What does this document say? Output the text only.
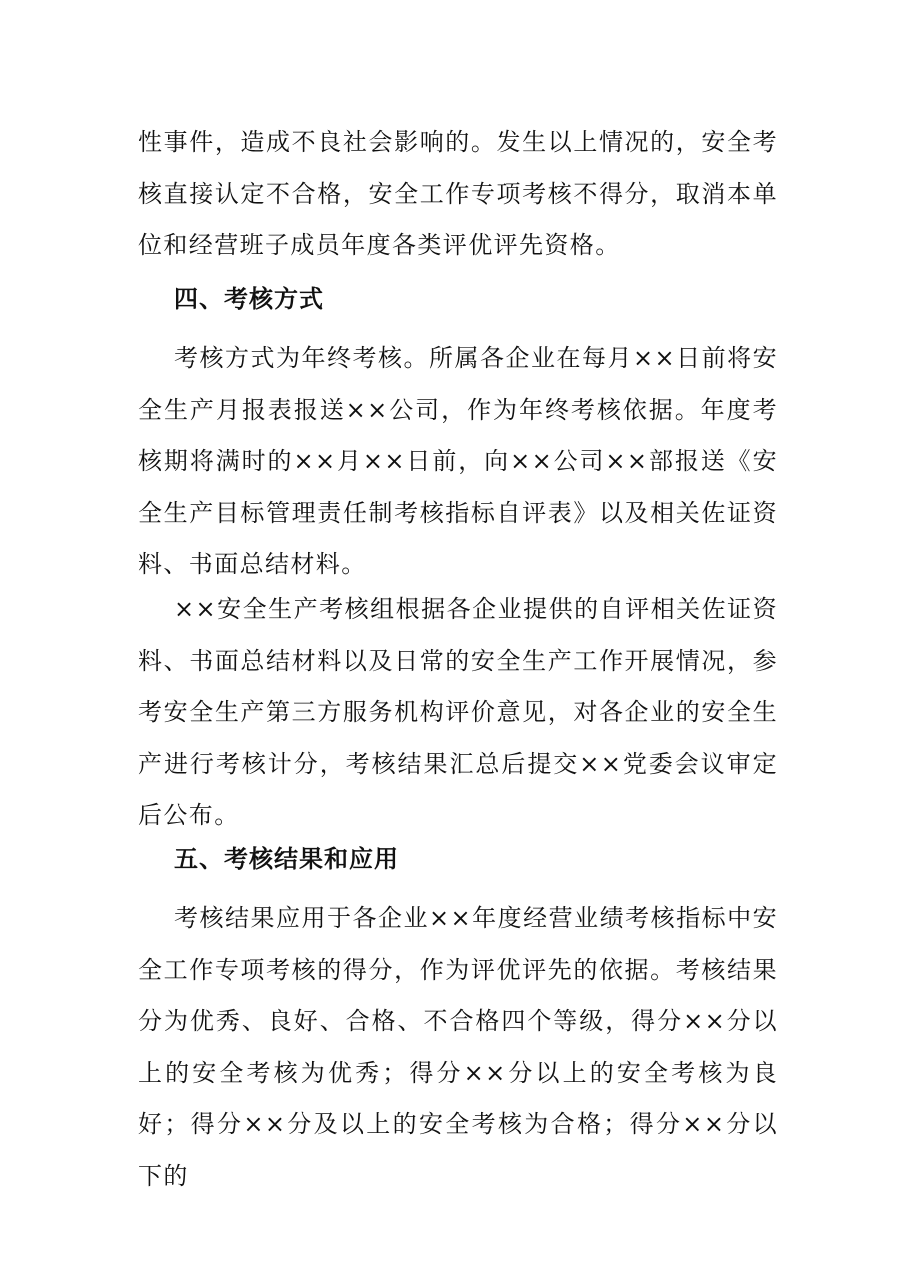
性事件，造成不良社会影响的。发生以上情况的，安全考核直接认定不合格，安全工作专项考核不得分，取消本单位和经营班子成员年度各类评优评先资格。

四、考核方式

考核方式为年终考核。所属各企业在每月××日前将安全生产月报表报送××公司，作为年终考核依据。年度考核期将满时的××月××日前，向××公司××部报送《安全生产目标管理责任制考核指标自评表》以及相关佐证资料、书面总结材料。

××安全生产考核组根据各企业提供的自评相关佐证资料、书面总结材料以及日常的安全生产工作开展情况，参考安全生产第三方服务机构评价意见，对各企业的安全生产进行考核计分，考核结果汇总后提交××党委会议审定后公布。

五、考核结果和应用

考核结果应用于各企业××年度经营业绩考核指标中安全工作专项考核的得分，作为评优评先的依据。考核结果分为优秀、良好、合格、不合格四个等级，得分××分以上的安全考核为优秀；得分××分以上的安全考核为良好；得分××分及以上的安全考核为合格；得分××分以下的
